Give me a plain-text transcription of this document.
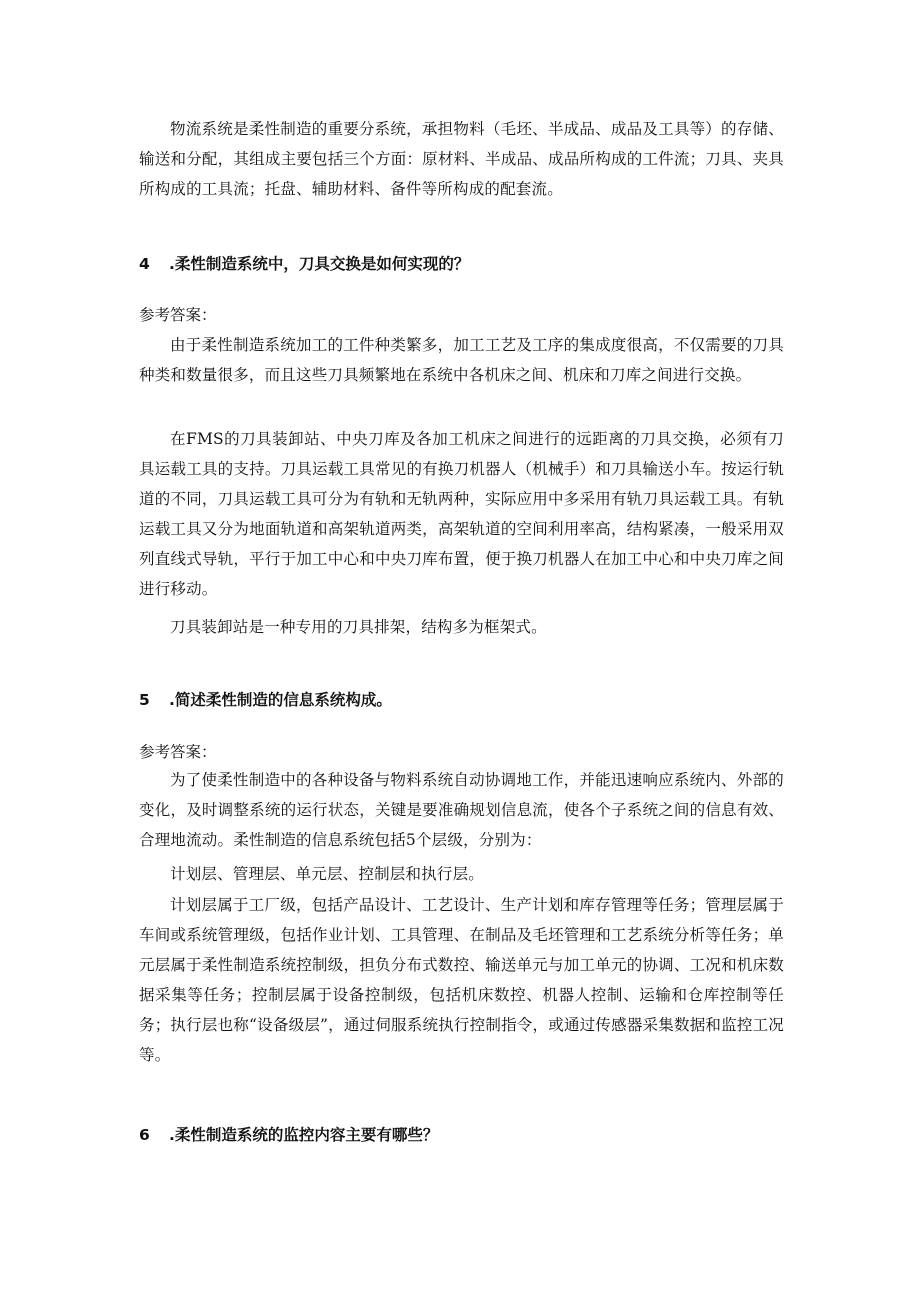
物流系统是柔性制造的重要分系统，承担物料（毛坯、半成品、成品及工具等）的存储、输送和分配，其组成主要包括三个方面：原材料、半成品、成品所构成的工件流；刀具、夹具所构成的工具流；托盘、辅助材料、备件等所构成的配套流。

4 .柔性制造系统中，刀具交换是如何实现的？

参考答案：

由于柔性制造系统加工的工件种类繁多，加工工艺及工序的集成度很高，不仅需要的刀具种类和数量很多，而且这些刀具频繁地在系统中各机床之间、机床和刀库之间进行交换。

在FMS的刀具装卸站、中央刀库及各加工机床之间进行的远距离的刀具交换，必须有刀具运载工具的支持。刀具运载工具常见的有换刀机器人（机械手）和刀具输送小车。按运行轨道的不同，刀具运载工具可分为有轨和无轨两种，实际应用中多采用有轨刀具运载工具。有轨运载工具又分为地面轨道和高架轨道两类，高架轨道的空间利用率高，结构紧凑，一般采用双列直线式导轨，平行于加工中心和中央刀库布置，便于换刀机器人在加工中心和中央刀库之间进行移动。

刀具装卸站是一种专用的刀具排架，结构多为框架式。

5 .简述柔性制造的信息系统构成。

参考答案：

为了使柔性制造中的各种设备与物料系统自动协调地工作，并能迅速响应系统内、外部的变化，及时调整系统的运行状态，关键是要准确规划信息流，使各个子系统之间的信息有效、合理地流动。柔性制造的信息系统包括5个层级，分别为：

计划层、管理层、单元层、控制层和执行层。

计划层属于工厂级，包括产品设计、工艺设计、生产计划和库存管理等任务；管理层属于车间或系统管理级，包括作业计划、工具管理、在制品及毛坯管理和工艺系统分析等任务；单元层属于柔性制造系统控制级，担负分布式数控、输送单元与加工单元的协调、工况和机床数据采集等任务；控制层属于设备控制级，包括机床数控、机器人控制、运输和仓库控制等任务；执行层也称“设备级层”，通过伺服系统执行控制指令，或通过传感器采集数据和监控工况等。

6 .柔性制造系统的监控内容主要有哪些？
